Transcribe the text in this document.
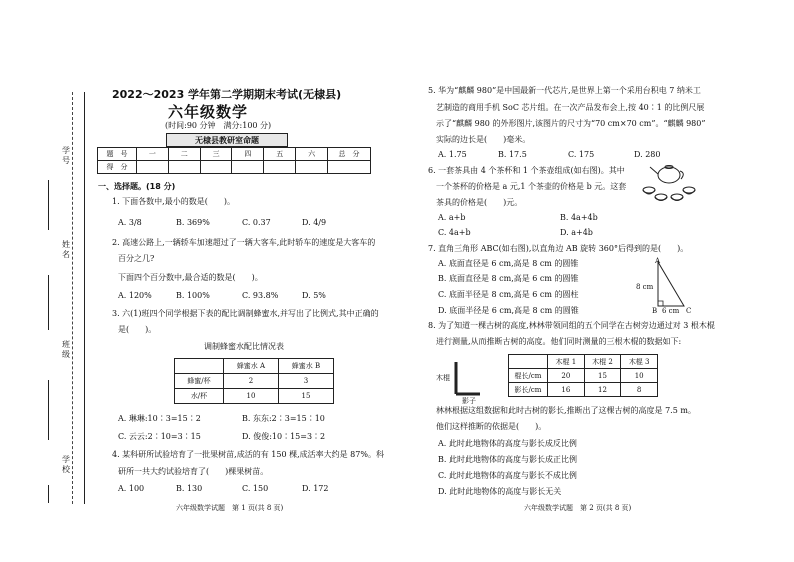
学号
姓名
班级
学校
2022～2023 学年第二学期期末考试(无棣县)
六年级数学
(时间:90 分钟　满分:100 分)
无棣县教研室命题
题　号	一	二	三	四	五	六	总　分
得　分							
一、选择题。(18 分)
1. 下面各数中,最小的数是(　　)。
A. 3/8	B. 369%	C. 0.37	D. 4/9
2. 高速公路上,一辆轿车加速超过了一辆大客车,此时轿车的速度是大客车的
百分之几?
下面四个百分数中,最合适的数是(　　)。
A. 120%	B. 100%	C. 93.8%	D. 5%
3. 六(1)班四个同学根据下表的配比调制蜂蜜水,并写出了比例式,其中正确的
是(　　)。
调制蜂蜜水配比情况表
	蜂蜜水 A	蜂蜜水 B
蜂蜜/杯	2	3
水/杯	10	15
A. 琳琳:10∶3=15∶2	B. 东东:2∶3=15∶10
C. 云云:2∶10=3∶15	D. 俊俊:10∶15=3∶2
4. 某科研所试验培育了一批果树苗,成活的有 150 棵,成活率大约是 87%。科
研所一共大约试验培育了(　　)棵果树苗。
A. 100	B. 130	C. 150	D. 172
六年级数学试题　第 1 页(共 8 页)
5. 华为“麒麟 980”是中国最新一代芯片,是世界上第一个采用台积电 7 纳米工
艺制造的商用手机 SoC 芯片组。在一次产品发布会上,按 40∶1 的比例尺展
示了“麒麟 980 的外形图片,该图片的尺寸为“70 cm×70 cm”。“麒麟 980”
实际的边长是(　　)毫米。
A. 1.75	B. 17.5	C. 175	D. 280
6. 一套茶具由 4 个茶杯和 1 个茶壶组成(如右图)。其中
一个茶杯的价格是 a 元,1 个茶壶的价格是 b 元。这套
茶具的价格是(　　)元。
A. a+b	B. 4a+4b
C. 4a+b	D. a+4b
7. 直角三角形 ABC(如右图),以直角边 AB 旋转 360°后得到的是(　　)。
A. 底面直径是 6 cm,高是 8 cm 的圆锥
B. 底面直径是 8 cm,高是 6 cm 的圆锥
C. 底面半径是 8 cm,高是 6 cm 的圆柱
D. 底面半径是 6 cm,高是 8 cm 的圆锥
A
B	C
8 cm
6 cm
8. 为了知道一棵古树的高度,林林带领同组的五个同学在古树旁边通过对 3 根木棍
进行测量,从而推断古树的高度。他们同时测量的三根木棍的数据如下:
木棍
影子
	木棍 1	木棍 2	木棍 3
棍长/cm	20	15	10
影长/cm	16	12	8
林林根据这组数据和此时古树的影长,推断出了这棵古树的高度是 7.5 m。
他们这样推断的依据是(　　)。
A. 此时此地物体的高度与影长成反比例
B. 此时此地物体的高度与影长成正比例
C. 此时此地物体的高度与影长不成比例
D. 此时此地物体的高度与影长无关
六年级数学试题　第 2 页(共 8 页)
